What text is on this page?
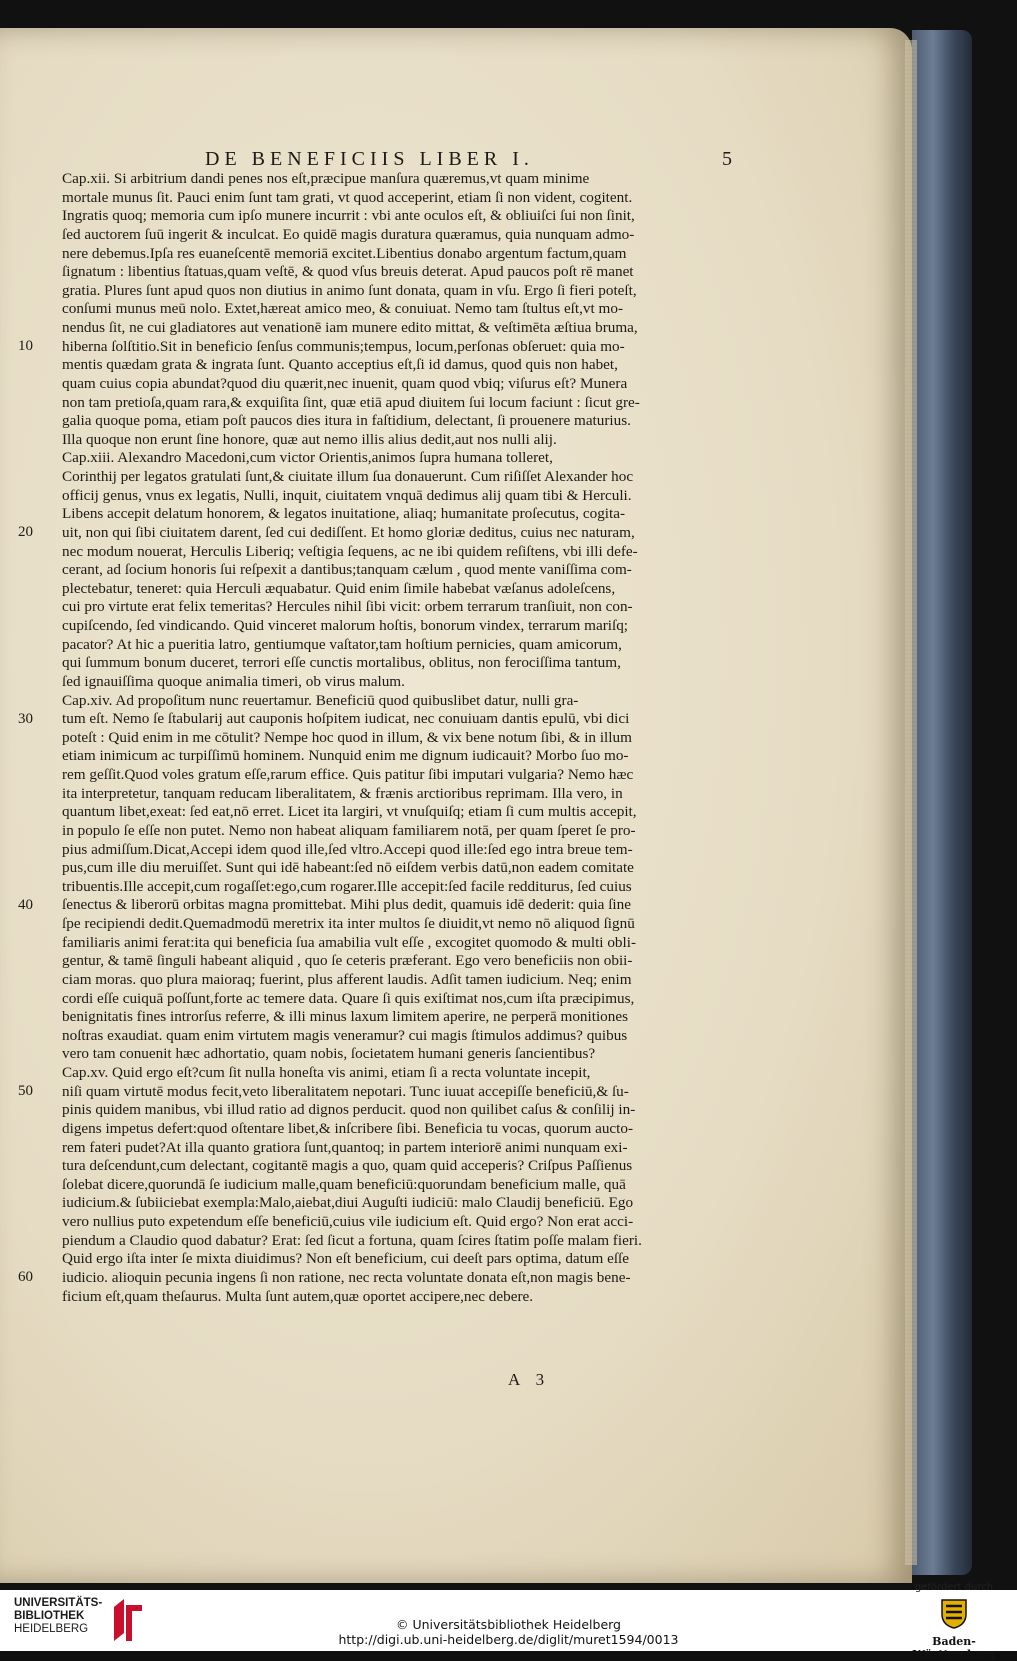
DE BENEFICIIS LIBER I.	5
10
20
30
40
50
60
Cap.xii. Si arbitrium dandi penes nos eſt,præcipue manſura quæremus,vt quam minime
mortale munus ſit. Pauci enim ſunt tam grati, vt quod acceperint, etiam ſi non vident, cogitent.
Ingratis quoq; memoria cum ipſo munere incurrit : vbi ante oculos eſt, & obliuiſci ſui non ſinit,
ſed auctorem ſuū ingerit & inculcat. Eo quidē magis duratura quæramus, quia nunquam admo-
nere debemus.Ipſa res euaneſcentē memoriā excitet.Libentius donabo argentum factum,quam
ſignatum : libentius ſtatuas,quam veſtē, & quod vſus breuis deterat. Apud paucos poſt rē manet
gratia. Plures ſunt apud quos non diutius in animo ſunt donata, quam in vſu. Ergo ſi fieri poteſt,
conſumi munus meū nolo. Extet,hæreat amico meo, & conuiuat. Nemo tam ſtultus eſt,vt mo-
nendus ſit, ne cui gladiatores aut venationē iam munere edito mittat, & veſtimēta æſtiua bruma,
hiberna ſolſtitio.Sit in beneficio ſenſus communis;tempus, locum,perſonas obſeruet: quia mo-
mentis quædam grata & ingrata ſunt. Quanto acceptius eſt,ſi id damus, quod quis non habet,
quam cuius copia abundat?quod diu quærit,nec inuenit, quam quod vbiq; viſurus eſt? Munera
non tam pretioſa,quam rara,& exquiſita ſint, quæ etiā apud diuitem ſui locum faciunt : ſicut gre-
galia quoque poma, etiam poſt paucos dies itura in faſtidium, delectant, ſi prouenere maturius.
Illa quoque non erunt ſine honore, quæ aut nemo illis alius dedit,aut nos nulli alij.
Cap.xiii. Alexandro Macedoni,cum victor Orientis,animos ſupra humana tolleret,
Corinthij per legatos gratulati ſunt,& ciuitate illum ſua donauerunt. Cum riſiſſet Alexander hoc
officij genus, vnus ex legatis, Nulli, inquit, ciuitatem vnquā dedimus alij quam tibi & Herculi.
Libens accepit delatum honorem, & legatos inuitatione, aliaq; humanitate proſecutus, cogita-
uit, non qui ſibi ciuitatem darent, ſed cui dediſſent. Et homo gloriæ deditus, cuius nec naturam,
nec modum nouerat, Herculis Liberiq; veſtigia ſequens, ac ne ibi quidem reſiſtens, vbi illi defe-
cerant, ad ſocium honoris ſui reſpexit a dantibus;tanquam cælum , quod mente vaniſſima com-
plectebatur, teneret: quia Herculi æquabatur. Quid enim ſimile habebat væſanus adoleſcens,
cui pro virtute erat felix temeritas? Hercules nihil ſibi vicit: orbem terrarum tranſiuit, non con-
cupiſcendo, ſed vindicando. Quid vinceret malorum hoſtis, bonorum vindex, terrarum mariſq;
pacator? At hic a pueritia latro, gentiumque vaſtator,tam hoſtium pernicies, quam amicorum,
qui ſummum bonum duceret, terrori eſſe cunctis mortalibus, oblitus, non ferociſſima tantum,
ſed ignauiſſima quoque animalia timeri, ob virus malum.
Cap.xiv. Ad propoſitum nunc reuertamur. Beneficiū quod quibuslibet datur, nulli gra-
tum eſt. Nemo ſe ſtabularij aut cauponis hoſpitem iudicat, nec conuiuam dantis epulū, vbi dici
poteſt : Quid enim in me cōtulit? Nempe hoc quod in illum, & vix bene notum ſibi, & in illum
etiam inimicum ac turpiſſimū hominem. Nunquid enim me dignum iudicauit? Morbo ſuo mo-
rem geſſit.Quod voles gratum eſſe,rarum effice. Quis patitur ſibi imputari vulgaria? Nemo hæc
ita interpretetur, tanquam reducam liberalitatem, & frænis arctioribus reprimam. Illa vero, in
quantum libet,exeat: ſed eat,nō erret. Licet ita largiri, vt vnuſquiſq; etiam ſi cum multis accepit,
in populo ſe eſſe non putet. Nemo non habeat aliquam familiarem notā, per quam ſperet ſe pro-
pius admiſſum.Dicat,Accepi idem quod ille,ſed vltro.Accepi quod ille:ſed ego intra breue tem-
pus,cum ille diu meruiſſet. Sunt qui idē habeant:ſed nō eiſdem verbis datū,non eadem comitate
tribuentis.Ille accepit,cum rogaſſet:ego,cum rogarer.Ille accepit:ſed facile redditurus, ſed cuius
ſenectus & liberorū orbitas magna promittebat. Mihi plus dedit, quamuis idē dederit: quia ſine
ſpe recipiendi dedit.Quemadmodū meretrix ita inter multos ſe diuidit,vt nemo nō aliquod ſignū
familiaris animi ferat:ita qui beneficia ſua amabilia vult eſſe , excogitet quomodo & multi obli-
gentur, & tamē ſinguli habeant aliquid , quo ſe ceteris præferant. Ego vero beneficiis non obii-
ciam moras. quo plura maioraq; fuerint, plus afferent laudis. Adſit tamen iudicium. Neq; enim
cordi eſſe cuiquā poſſunt,forte ac temere data. Quare ſi quis exiſtimat nos,cum iſta præcipimus,
benignitatis fines introrſus referre, & illi minus laxum limitem aperire, ne perperā monitiones
noſtras exaudiat. quam enim virtutem magis veneramur? cui magis ſtimulos addimus? quibus
vero tam conuenit hæc adhortatio, quam nobis, ſocietatem humani generis ſancientibus?
Cap.xv. Quid ergo eſt?cum ſit nulla honeſta vis animi, etiam ſi a recta voluntate incepit,
niſi quam virtutē modus fecit,veto liberalitatem nepotari. Tunc iuuat accepiſſe beneficiū,& ſu-
pinis quidem manibus, vbi illud ratio ad dignos perducit. quod non quilibet caſus & conſilij in-
digens impetus defert:quod oſtentare libet,& inſcribere ſibi. Beneficia tu vocas, quorum aucto-
rem fateri pudet?At illa quanto gratiora ſunt,quantoq; in partem interiorē animi nunquam exi-
tura deſcendunt,cum delectant, cogitantē magis a quo, quam quid acceperis? Criſpus Paſſienus
ſolebat dicere,quorundā ſe iudicium malle,quam beneficiū:quorundam beneficium malle, quā
iudicium.& ſubiiciebat exempla:Malo,aiebat,diui Auguſti iudiciū: malo Claudij beneficiū. Ego
vero nullius puto expetendum eſſe beneficiū,cuius vile iudicium eſt. Quid ergo? Non erat acci-
piendum a Claudio quod dabatur? Erat: ſed ſicut a fortuna, quam ſcires ſtatim poſſe malam fieri.
Quid ergo iſta inter ſe mixta diuidimus? Non eſt beneficium, cui deeſt pars optima, datum eſſe
iudicio. alioquin pecunia ingens ſi non ratione, nec recta voluntate donata eſt,non magis bene-
ficium eſt,quam theſaurus. Multa ſunt autem,quæ oportet accipere,nec debere.
A 3
UNIVERSITÄTS-
BIBLIOTHEK
HEIDELBERG	© Universitätsbibliothek Heidelberg
http://digi.ub.uni-heidelberg.de/diglit/muret1594/0013
gefördert durch
Baden-Württemberg
